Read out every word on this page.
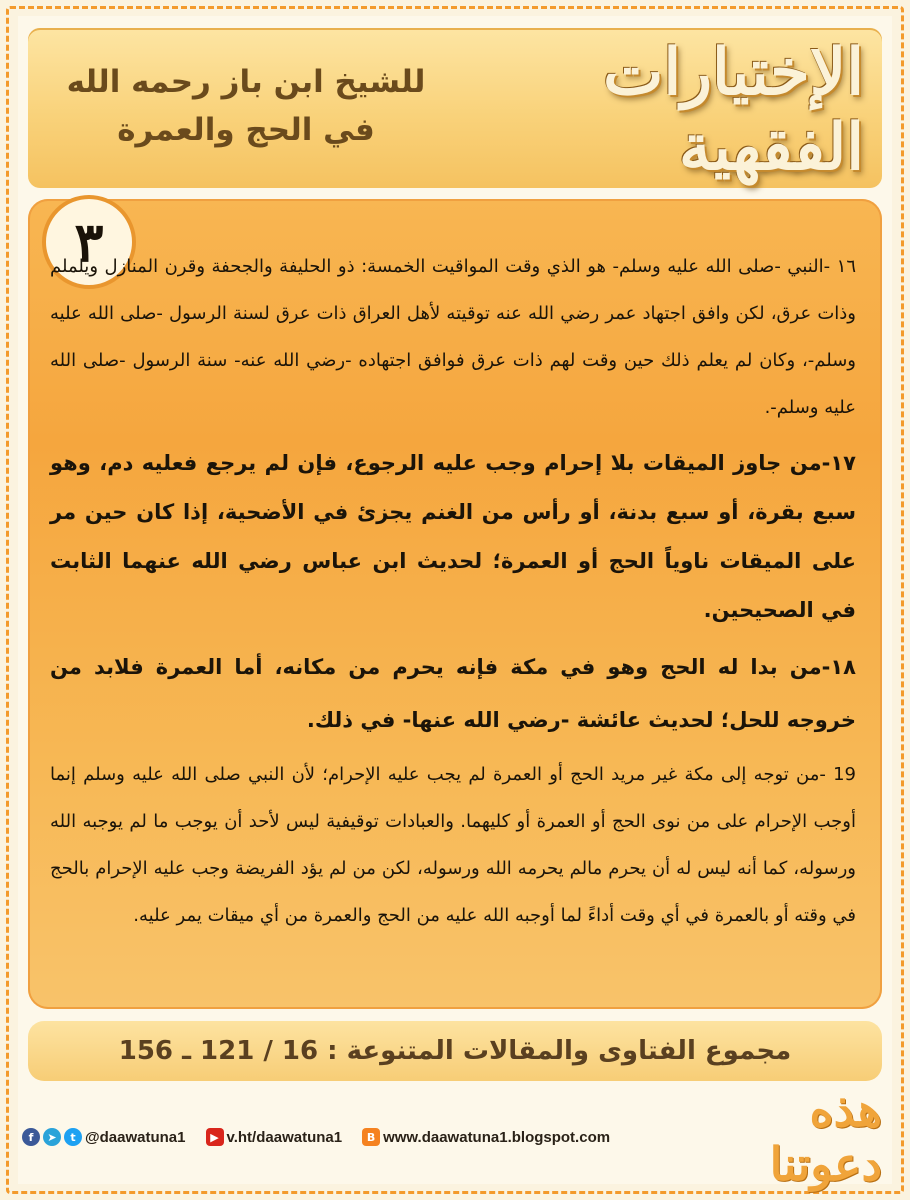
الإختيارات الفقهية
للشيخ ابن باز رحمه الله
في الحج والعمرة
٣

١٦ -النبي -صلى الله عليه وسلم- هو الذي وقت المواقيت الخمسة: ذو الحليفة والجحفة وقرن المنازل ويلملم وذات عرق، لكن وافق اجتهاد عمر رضي الله عنه توقيته لأهل العراق ذات عرق لسنة الرسول -صلى الله عليه وسلم-، وكان لم يعلم ذلك حين وقت لهم ذات عرق فوافق اجتهاده -رضي الله عنه- سنة الرسول -صلى الله عليه وسلم-.

١٧-من جاوز الميقات بلا إحرام وجب عليه الرجوع، فإن لم يرجع فعليه دم، وهو سبع بقرة، أو سبع بدنة، أو رأس من الغنم يجزئ في الأضحية، إذا كان حين مر على الميقات ناوياً الحج أو العمرة؛ لحديث ابن عباس رضي الله عنهما الثابت في الصحيحين.

١٨-من بدا له الحج وهو في مكة فإنه يحرم من مكانه، أما العمرة فلابد من خروجه للحل؛ لحديث عائشة -رضي الله عنها- في ذلك.

19 -من توجه إلى مكة غير مريد الحج أو العمرة لم يجب عليه الإحرام؛ لأن النبي صلى الله عليه وسلم إنما أوجب الإحرام على من نوى الحج أو العمرة أو كليهما. والعبادات توقيفية ليس لأحد أن يوجب ما لم يوجبه الله ورسوله، كما أنه ليس له أن يحرم مالم يحرمه الله ورسوله، لكن من لم يؤد الفريضة وجب عليه الإحرام بالحج في وقته أو بالعمرة في أي وقت أداءً لما أوجبه الله عليه من الحج والعمرة من أي ميقات يمر عليه.

مجموع الفتاوى والمقالات المتنوعة : 16 / 121 ـ 156
هذه دعوتنا
f	➤	t @daawatuna1	▶ v.ht/daawatuna1	B www.daawatuna1.blogspot.com
